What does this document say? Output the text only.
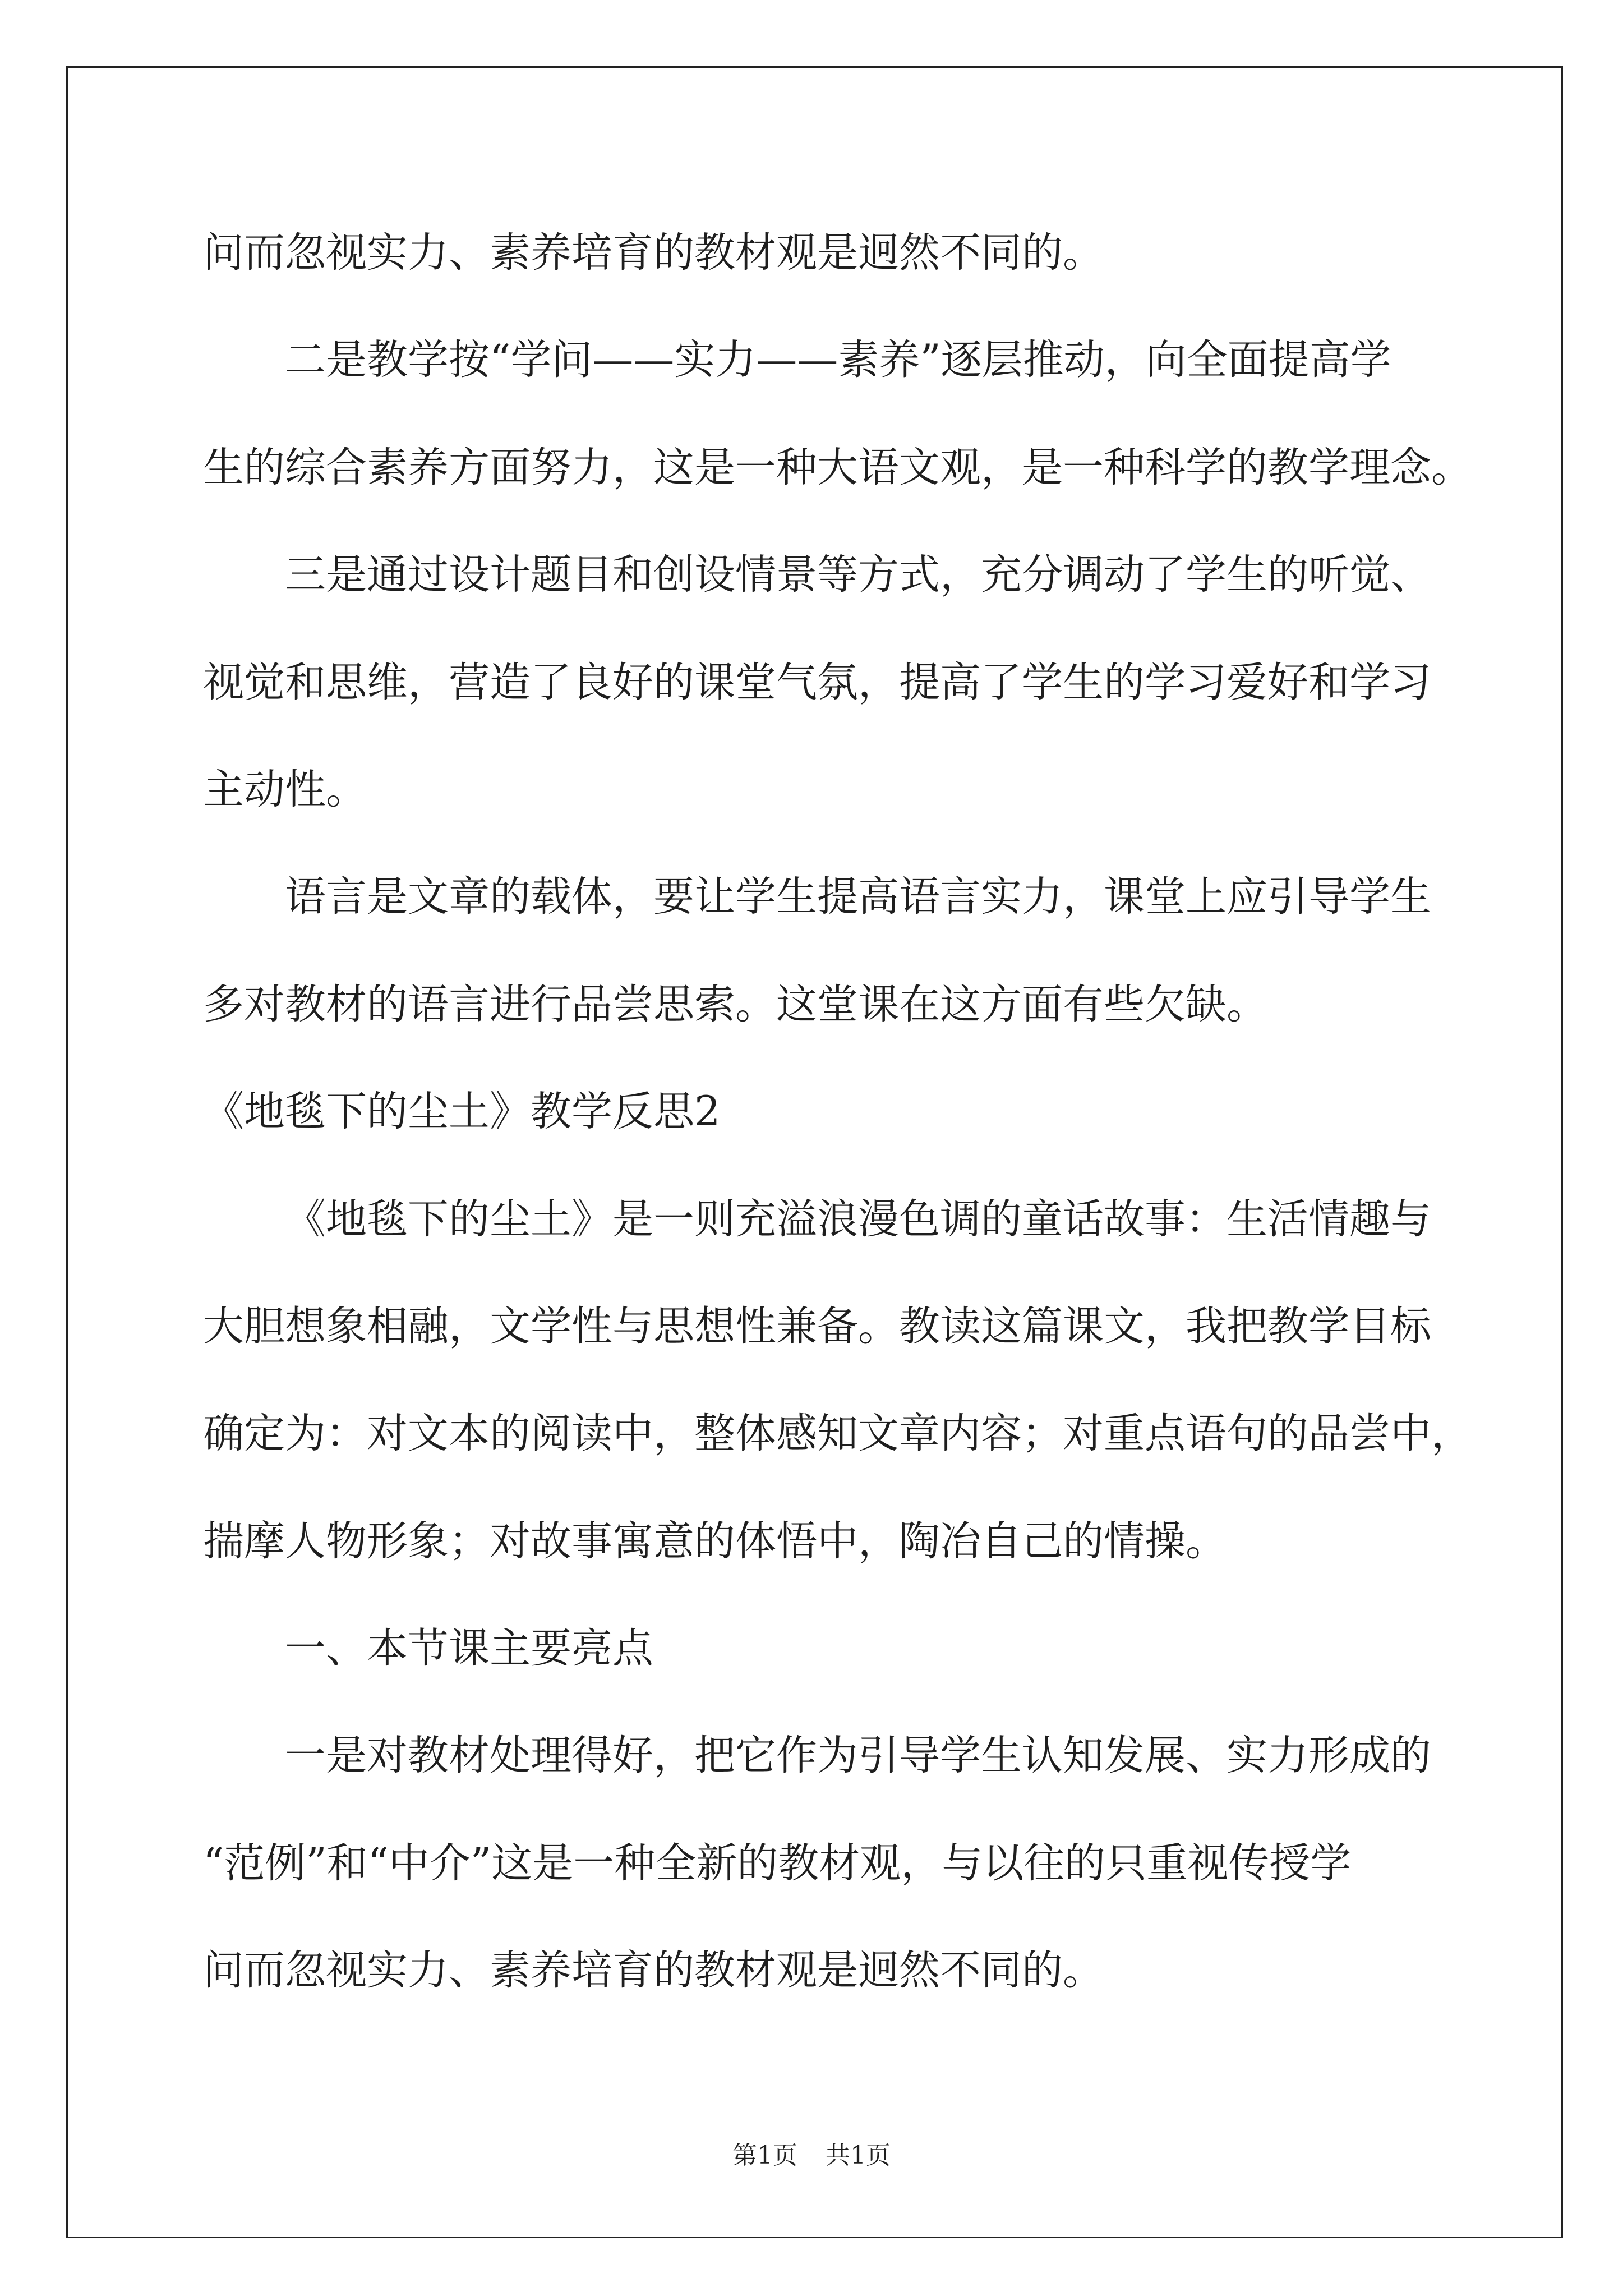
问而忽视实力、素养培育的教材观是迥然不同的。
二是教学按“学问——实力——素养”逐层推动，向全面提高学
生的综合素养方面努力，这是一种大语文观，是一种科学的教学理念。
三是通过设计题目和创设情景等方式，充分调动了学生的听觉、
视觉和思维，营造了良好的课堂气氛，提高了学生的学习爱好和学习
主动性。
语言是文章的载体，要让学生提高语言实力，课堂上应引导学生
多对教材的语言进行品尝思索。这堂课在这方面有些欠缺。
《地毯下的尘土》教学反思2
《地毯下的尘土》是一则充溢浪漫色调的童话故事：生活情趣与
大胆想象相融，文学性与思想性兼备。教读这篇课文，我把教学目标
确定为：对文本的阅读中，整体感知文章内容；对重点语句的品尝中，
揣摩人物形象；对故事寓意的体悟中，陶冶自己的情操。
一、本节课主要亮点
一是对教材处理得好，把它作为引导学生认知发展、实力形成的
“范例”和“中介”这是一种全新的教材观，与以往的只重视传授学
问而忽视实力、素养培育的教材观是迥然不同的。
第1页 共1页
